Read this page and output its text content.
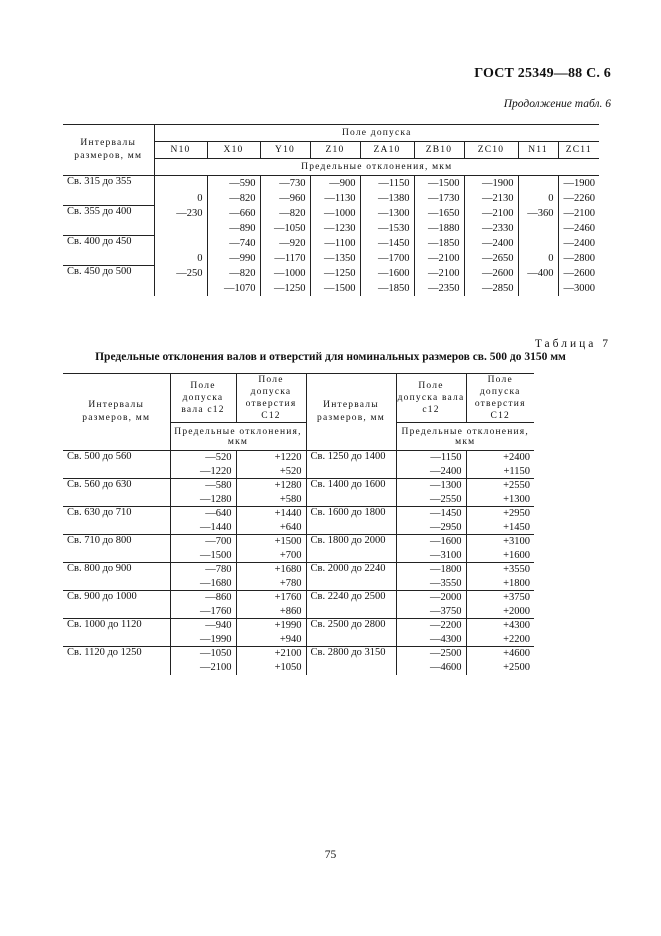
ГОСТ 25349—88 С. 6
Продолжение табл. 6
Интервалы размеров, мм	Поле допуска								
	N10	X10	Y10	Z10	ZA10	ZB10	ZC10	N11	ZC11
	Предельные отклонения, мкм								
Св. 315 до 355		—590	—730	—900	—1150	—1500	—1900		—1900
	0	—820	—960	—1130	—1380	—1730	—2130	0	—2260
Св. 355 до 400	—230	—660	—820	—1000	—1300	—1650	—2100	—360	—2100
		—890	—1050	—1230	—1530	—1880	—2330		—2460
Св. 400 до 450		—740	—920	—1100	—1450	—1850	—2400		—2400
	0	—990	—1170	—1350	—1700	—2100	—2650	0	—2800
Св. 450 до 500	—250	—820	—1000	—1250	—1600	—2100	—2600	—400	—2600
		—1070	—1250	—1500	—1850	—2350	—2850		—3000
Таблица 7
Предельные отклонения валов и отверстий для номинальных размеров св. 500 до 3150 мм
Интервалы размеров, мм	Поле допуска вала c12	Поле допуска отверстия C12	Интервалы размеров, мм	Поле допуска вала c12	Поле допуска отверстия C12
	Предельные отклонения, мкм			Предельные отклонения, мкм	
Св. 500 до 560	—520	+1220	Св. 1250 до 1400	—1150	+2400
	—1220	+520		—2400	+1150
Св. 560 до 630	—580	+1280	Св. 1400 до 1600	—1300	+2550
	—1280	+580		—2550	+1300
Св. 630 до 710	—640	+1440	Св. 1600 до 1800	—1450	+2950
	—1440	+640		—2950	+1450
Св. 710 до 800	—700	+1500	Св. 1800 до 2000	—1600	+3100
	—1500	+700		—3100	+1600
Св. 800 до 900	—780	+1680	Св. 2000 до 2240	—1800	+3550
	—1680	+780		—3550	+1800
Св. 900 до 1000	—860	+1760	Св. 2240 до 2500	—2000	+3750
	—1760	+860		—3750	+2000
Св. 1000 до 1120	—940	+1990	Св. 2500 до 2800	—2200	+4300
	—1990	+940		—4300	+2200
Св. 1120 до 1250	—1050	+2100	Св. 2800 до 3150	—2500	+4600
	—2100	+1050		—4600	+2500
75
